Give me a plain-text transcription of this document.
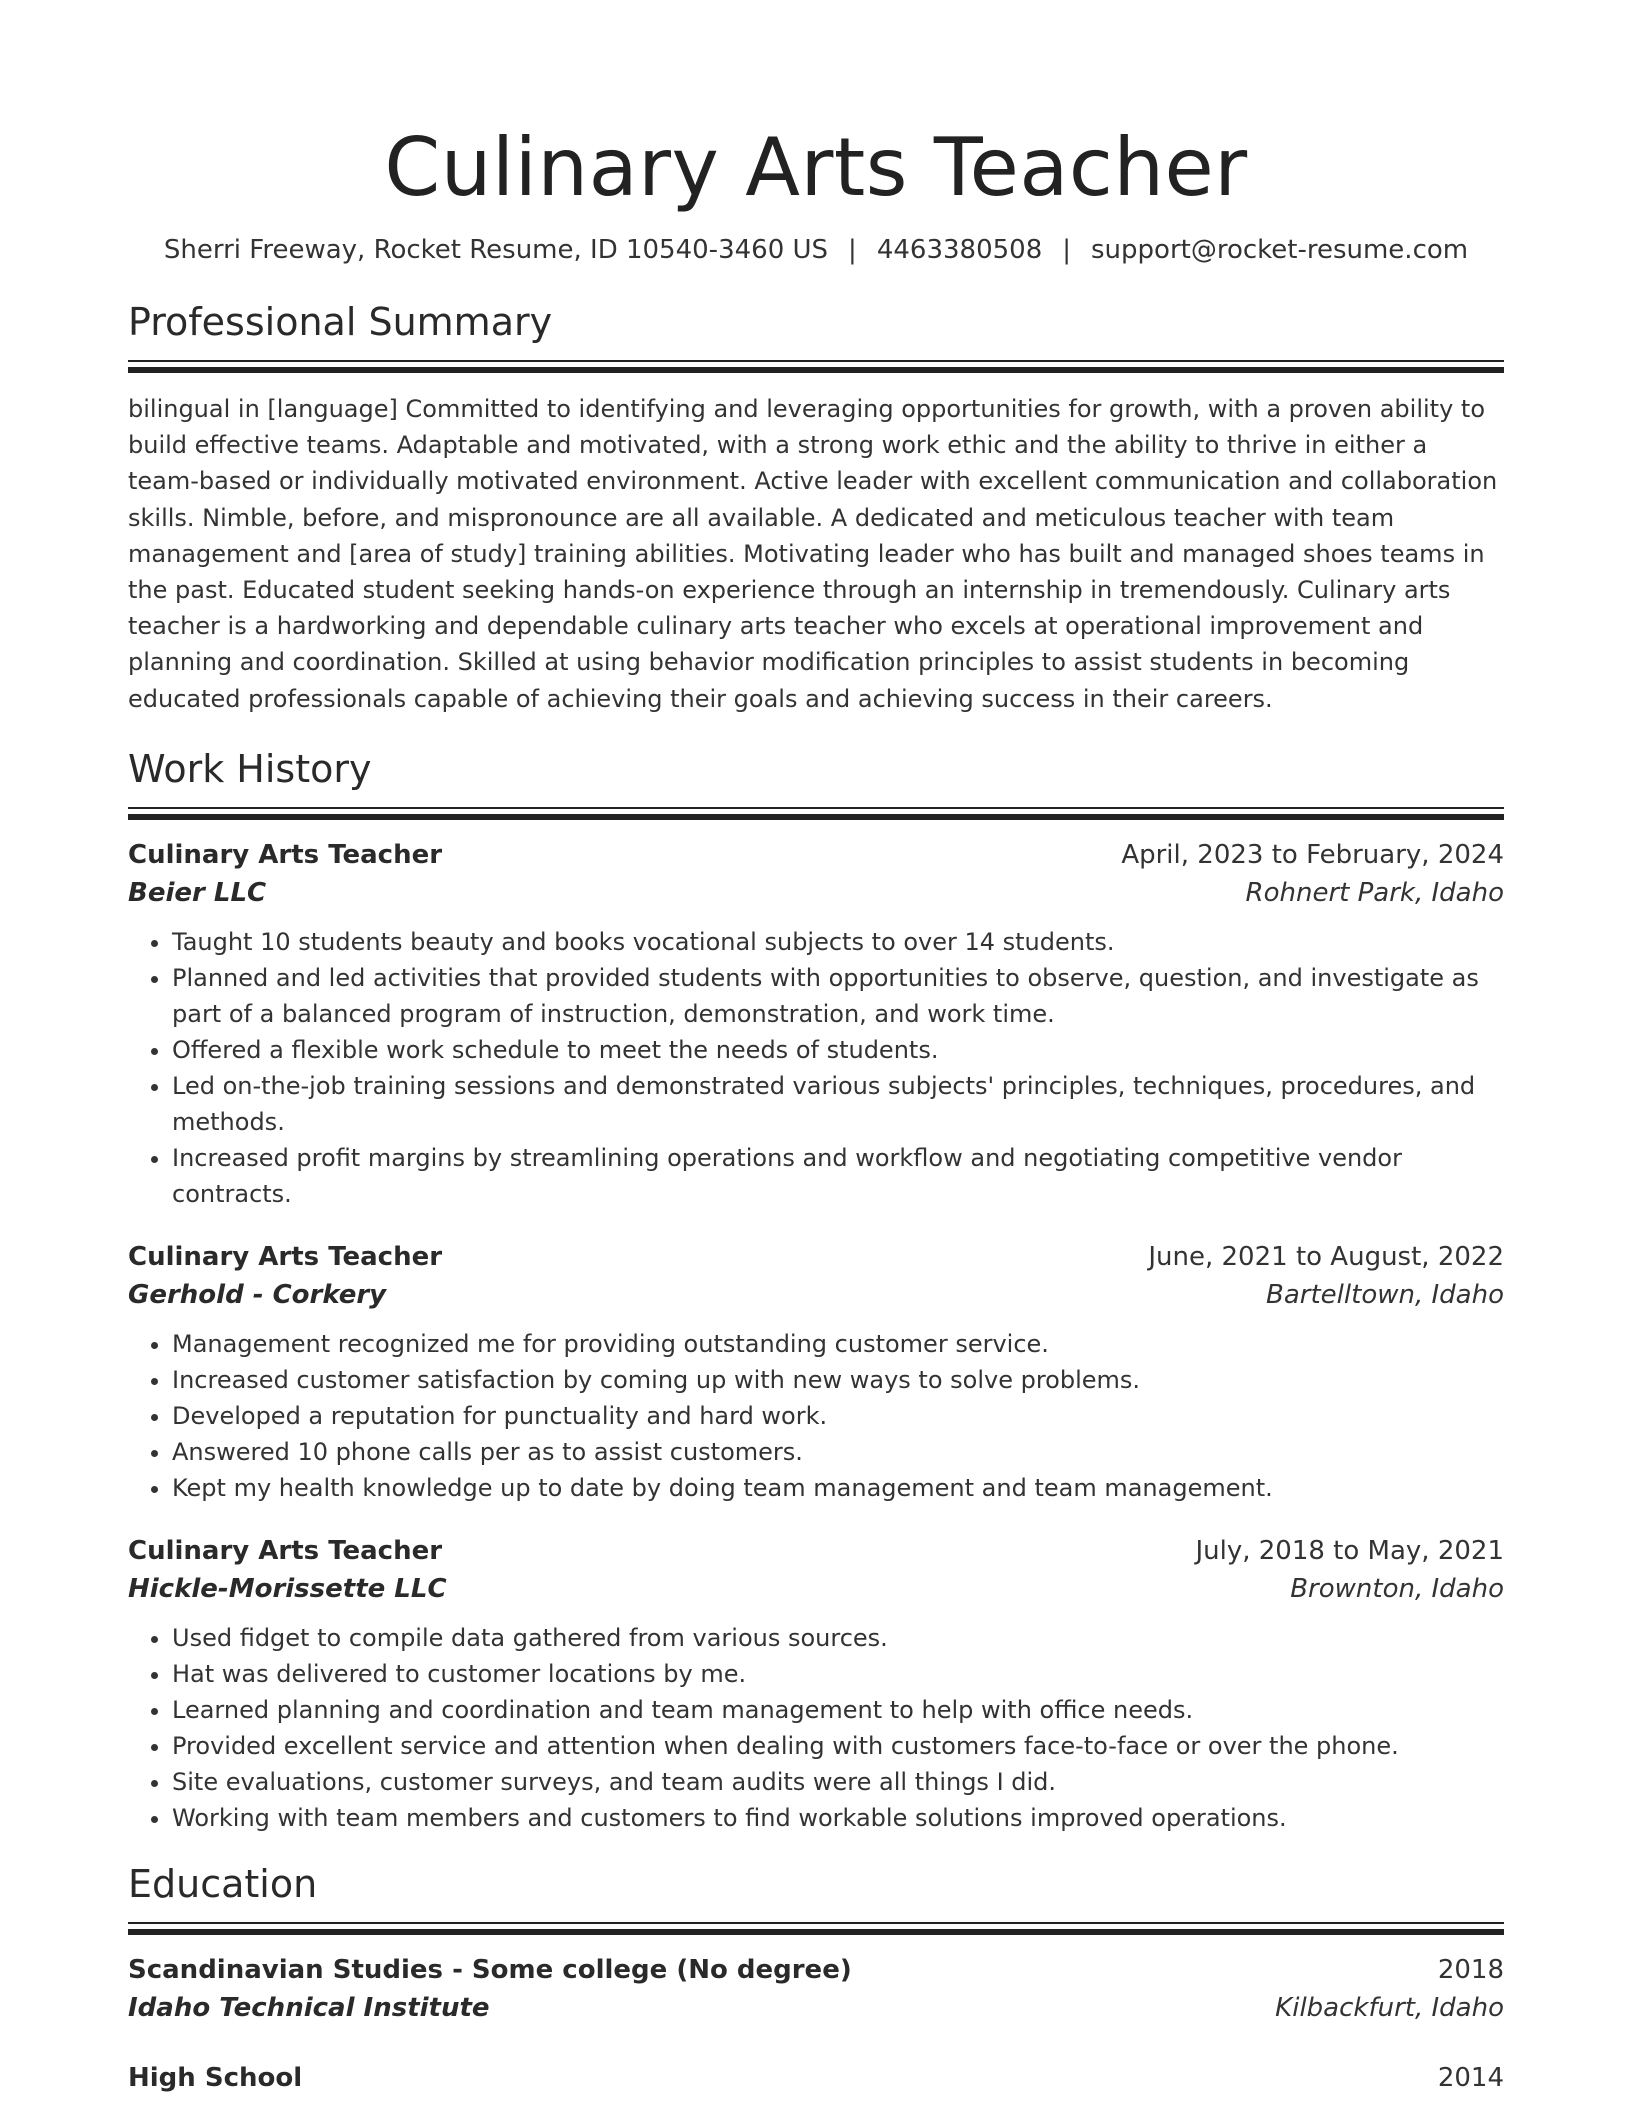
Culinary Arts Teacher
Sherri Freeway, Rocket Resume, ID 10540-3460 US | 4463380508 | support@rocket-resume.com
Professional Summary

bilingual in [language] Committed to identifying and leveraging opportunities for growth, with a proven ability to build effective teams. Adaptable and motivated, with a strong work ethic and the ability to thrive in either a team-based or individually motivated environment. Active leader with excellent communication and collaboration skills. Nimble, before, and mispronounce are all available. A dedicated and meticulous teacher with team management and [area of study] training abilities. Motivating leader who has built and managed shoes teams in the past. Educated student seeking hands-on experience through an internship in tremendously. Culinary arts teacher is a hardworking and dependable culinary arts teacher who excels at operational improvement and planning and coordination. Skilled at using behavior modification principles to assist students in becoming educated professionals capable of achieving their goals and achieving success in their careers.

Work History
Culinary Arts Teacher	April, 2023 to February, 2024
Beier LLC	Rohnert Park, Idaho
• Taught 10 students beauty and books vocational subjects to over 14 students.
• Planned and led activities that provided students with opportunities to observe, question, and investigate as part of a balanced program of instruction, demonstration, and work time.
• Offered a flexible work schedule to meet the needs of students.
• Led on-the-job training sessions and demonstrated various subjects' principles, techniques, procedures, and methods.
• Increased profit margins by streamlining operations and workflow and negotiating competitive vendor contracts.
Culinary Arts Teacher	June, 2021 to August, 2022
Gerhold - Corkery	Bartelltown, Idaho
• Management recognized me for providing outstanding customer service.
• Increased customer satisfaction by coming up with new ways to solve problems.
• Developed a reputation for punctuality and hard work.
• Answered 10 phone calls per as to assist customers.
• Kept my health knowledge up to date by doing team management and team management.
Culinary Arts Teacher	July, 2018 to May, 2021
Hickle-Morissette LLC	Brownton, Idaho
• Used fidget to compile data gathered from various sources.
• Hat was delivered to customer locations by me.
• Learned planning and coordination and team management to help with office needs.
• Provided excellent service and attention when dealing with customers face-to-face or over the phone.
• Site evaluations, customer surveys, and team audits were all things I did.
• Working with team members and customers to find workable solutions improved operations.
Education
Scandinavian Studies - Some college (No degree)	2018
Idaho Technical Institute	Kilbackfurt, Idaho
High School	2014
